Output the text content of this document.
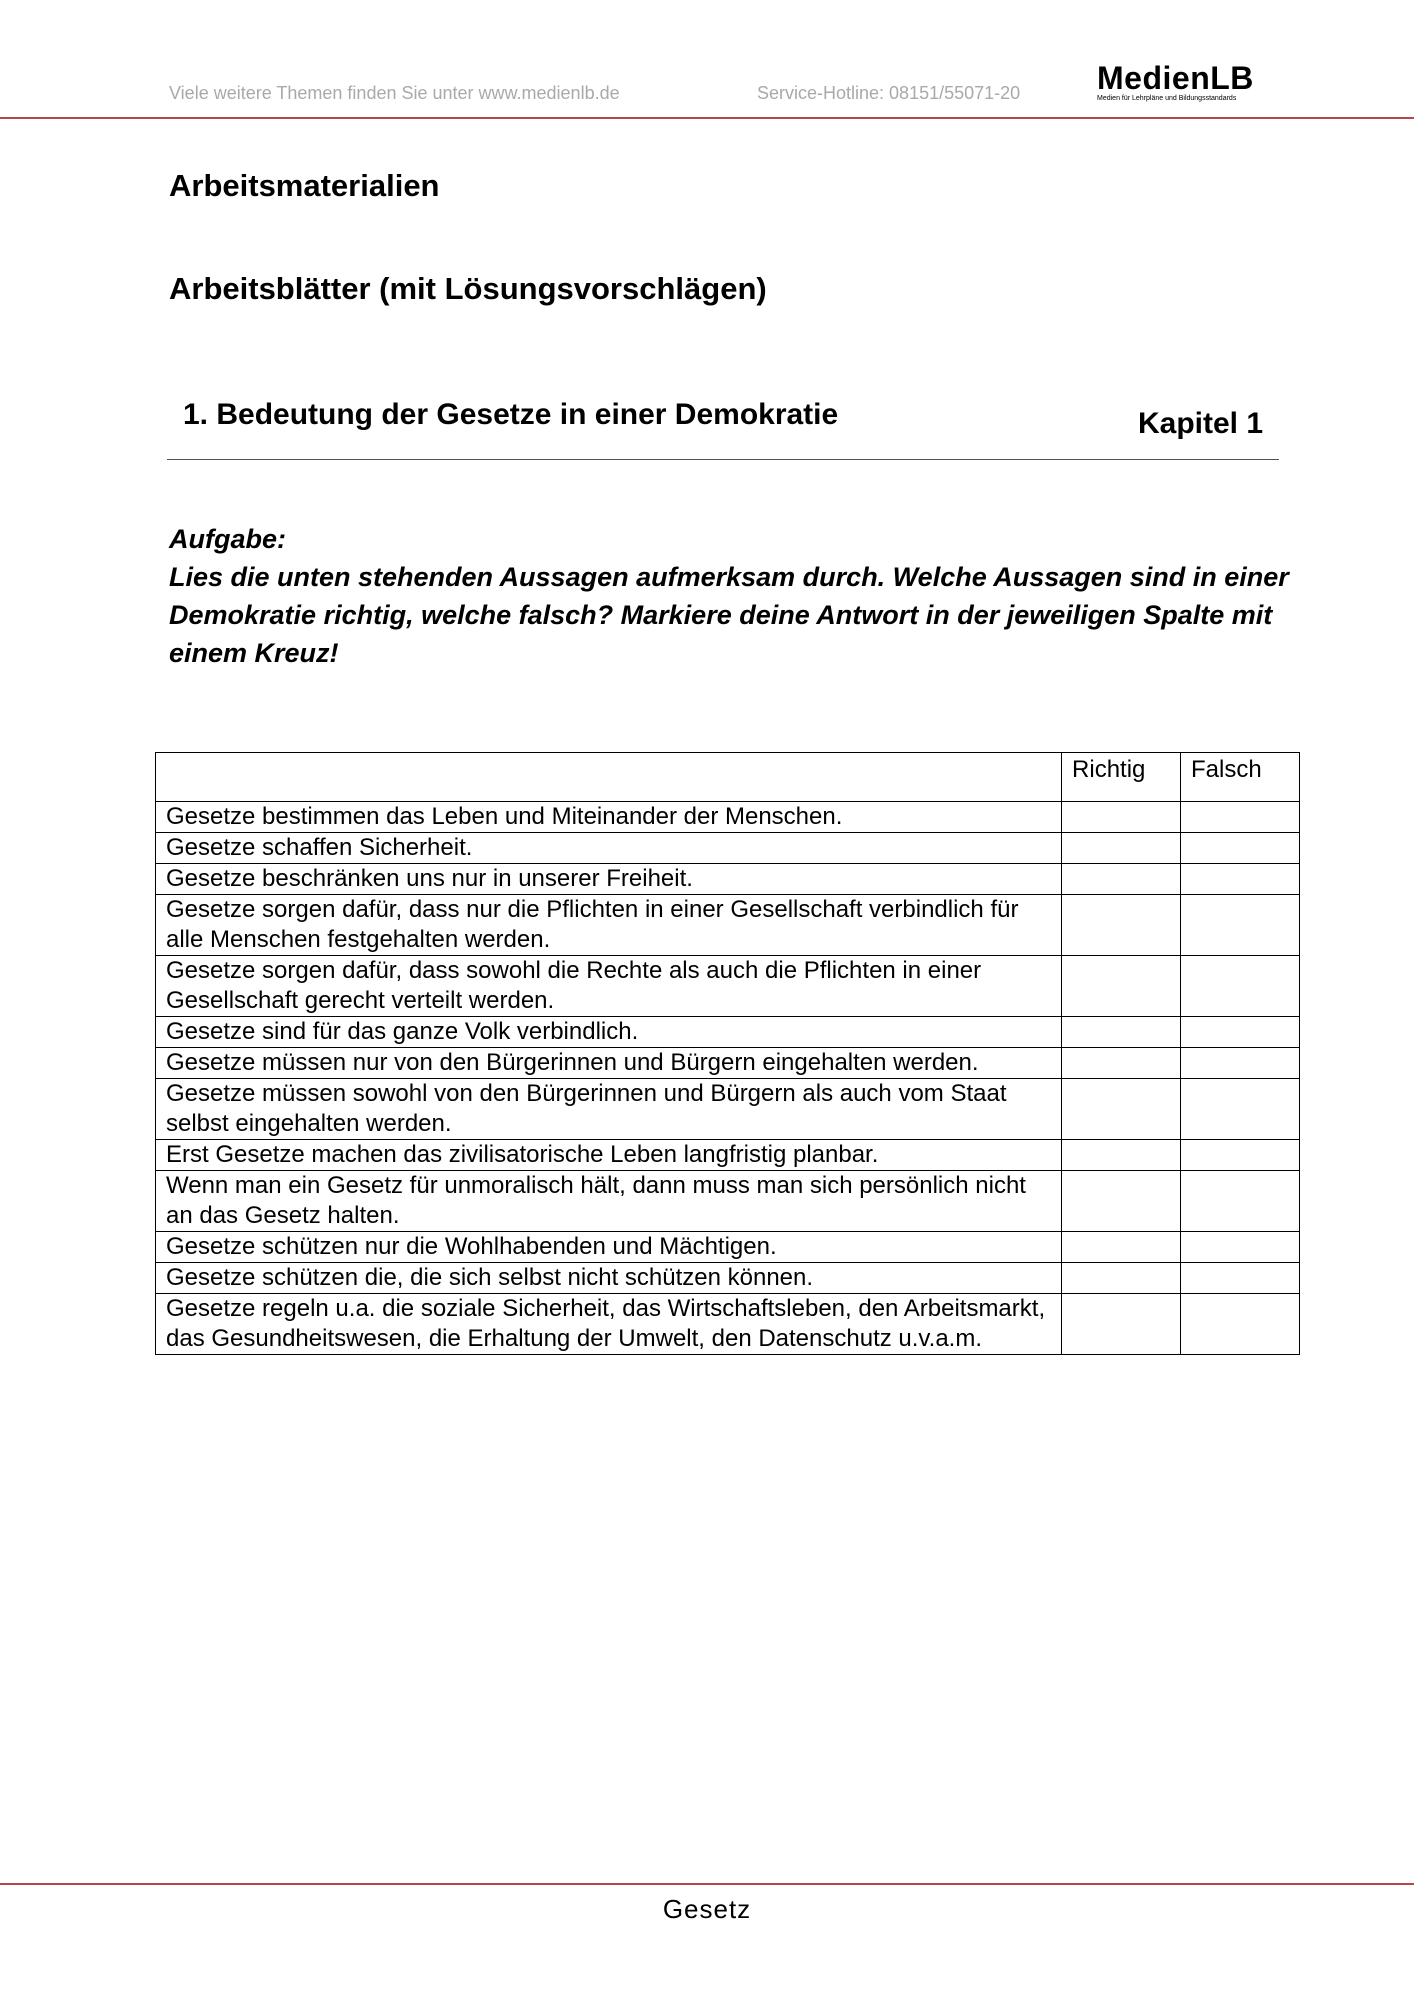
Viele weitere Themen finden Sie unter www.medienlb.de	Service-Hotline: 08151/55071-20 MedienLB
Medien für Lehrpläne und Bildungsstandards
Arbeitsmaterialien
Arbeitsblätter (mit Lösungsvorschlägen)
1. Bedeutung der Gesetze in einer Demokratie	Kapitel 1
Aufgabe:
Lies die unten stehenden Aussagen aufmerksam durch. Welche Aussagen sind in einer Demokratie richtig, welche falsch? Markiere deine Antwort in der jeweiligen Spalte mit einem Kreuz!
	Richtig	Falsch
Gesetze bestimmen das Leben und Miteinander der Menschen.		
Gesetze schaffen Sicherheit.		
Gesetze beschränken uns nur in unserer Freiheit.		
Gesetze sorgen dafür, dass nur die Pflichten in einer Gesellschaft verbindlich für alle Menschen festgehalten werden.		
Gesetze sorgen dafür, dass sowohl die Rechte als auch die Pflichten in einer Gesellschaft gerecht verteilt werden.		
Gesetze sind für das ganze Volk verbindlich.		
Gesetze müssen nur von den Bürgerinnen und Bürgern eingehalten werden.		
Gesetze müssen sowohl von den Bürgerinnen und Bürgern als auch vom Staat selbst eingehalten werden.		
Erst Gesetze machen das zivilisatorische Leben langfristig planbar.		
Wenn man ein Gesetz für unmoralisch hält, dann muss man sich persönlich nicht an das Gesetz halten.		
Gesetze schützen nur die Wohlhabenden und Mächtigen.		
Gesetze schützen die, die sich selbst nicht schützen können.		
Gesetze regeln u.a. die soziale Sicherheit, das Wirtschaftsleben, den Arbeitsmarkt, das Gesundheitswesen, die Erhaltung der Umwelt, den Datenschutz u.v.a.m.		
Gesetz
